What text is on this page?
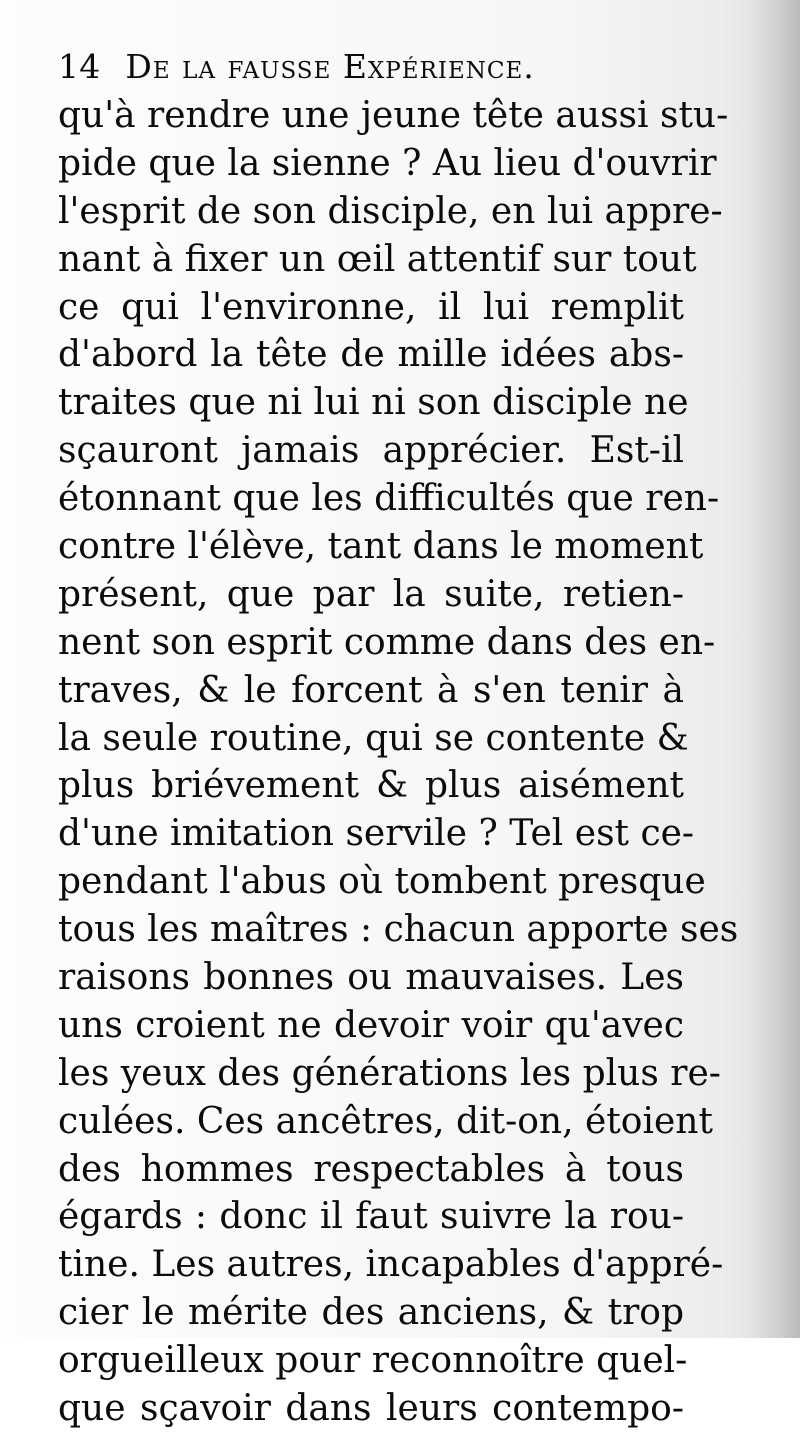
14 De la fausse Expérience.
qu'à rendre une jeune tête aussi stu-
pide que la sienne ? Au lieu d'ouvrir
l'esprit de son disciple, en lui appre-
nant à fixer un œil attentif sur tout
ce qui l'environne, il lui remplit
d'abord la tête de mille idées abs-
traites que ni lui ni son disciple ne
sçauront jamais apprécier. Est-il
étonnant que les difficultés que ren-
contre l'élève, tant dans le moment
présent, que par la suite, retien-
nent son esprit comme dans des en-
traves, & le forcent à s'en tenir à
la seule routine, qui se contente &
plus briévement & plus aisément
d'une imitation servile ? Tel est ce-
pendant l'abus où tombent presque
tous les maîtres : chacun apporte ses
raisons bonnes ou mauvaises. Les
uns croient ne devoir voir qu'avec
les yeux des générations les plus re-
culées. Ces ancêtres, dit-on, étoient
des hommes respectables à tous
égards : donc il faut suivre la rou-
tine. Les autres, incapables d'appré-
cier le mérite des anciens, & trop
orgueilleux pour reconnoître quel-
que sçavoir dans leurs contempo-
